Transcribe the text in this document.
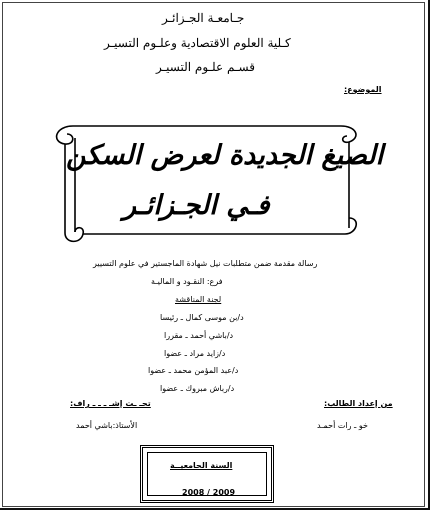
جـامعـة الجـزائـر
كـلية العلوم الاقتصادية وعلـوم التسيـر
قسـم علـوم التسيـر
الموضوع:
الصيغ الجديدة لعرض السكن
فـي الجـزائـر
رسالة مقدمة ضمن متطلبات نيل شهادة الماجستير في علوم التسيير
فرع: النقـود و الماليـة
لجنة المناقشة
د/بن موسى كمال ـ رئيسا
د/باشي أحمد ـ مقررا
د/زايد مراد ـ عضوا
د/عبد المؤمن محمد ـ عضوا
د/رباش مبروك ـ عضوا
من إعداد الطالب:
خو ـ رات أحمـد
تحـ ـت إشـ ـ ـ ـ راف:
الأستاذ:باشي أحمد
السنة الجامعيــة
2008 / 2009
